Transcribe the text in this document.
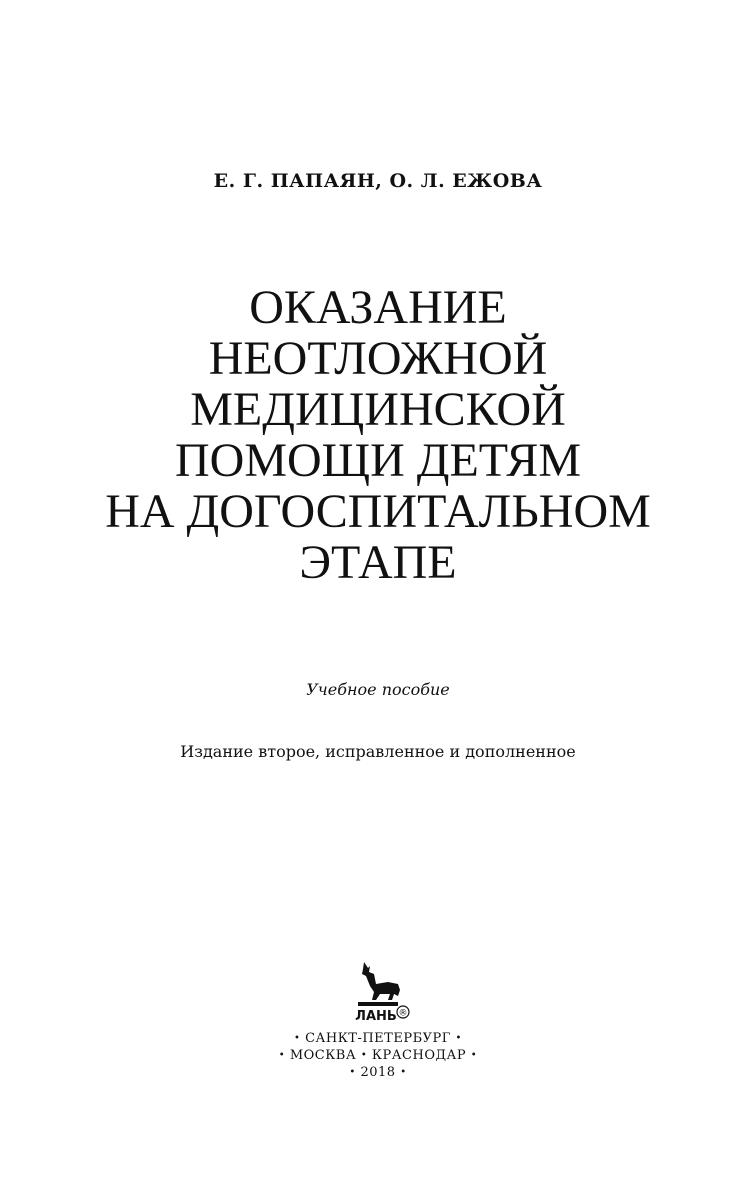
Е. Г. ПАПАЯН, О. Л. ЕЖОВА
ОКАЗАНИЕ
НЕОТЛОЖНОЙ
МЕДИЦИНСКОЙ
ПОМОЩИ ДЕТЯМ
НА ДОГОСПИТАЛЬНОМ
ЭТАПЕ
Учебное пособие
Издание второе, исправленное и дополненное
®
ЛАНЬ
• САНКТ-ПЕТЕРБУРГ •
• МОСКВА • КРАСНОДАР •
• 2018 •
